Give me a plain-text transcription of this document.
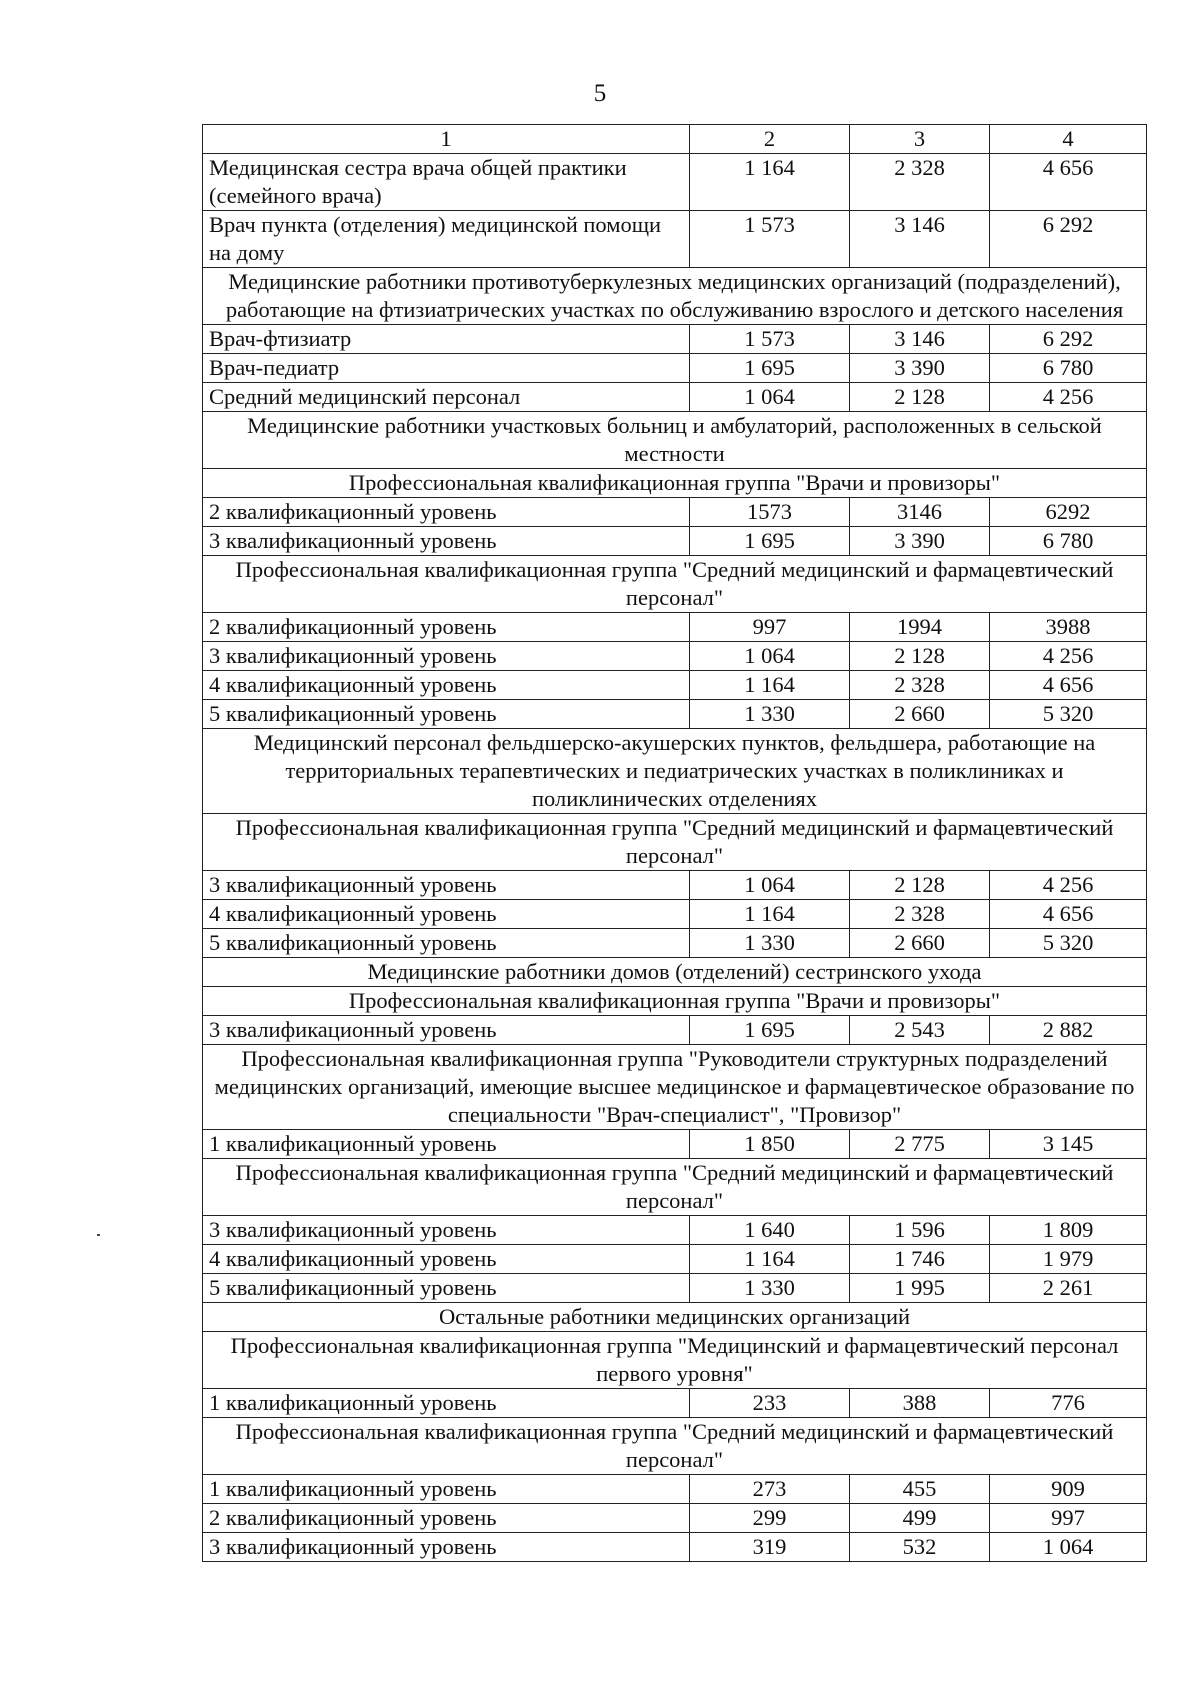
5
1	2	3	4
Медицинская сестра врача общей практики (семейного врача)	1 164	2 328	4 656
Врач пункта (отделения) медицинской помощи на дому	1 573	3 146	6 292
Медицинские работники противотуберкулезных медицинских организаций (подразделений), работающие на фтизиатрических участках по обслуживанию взрослого и детского населения			
Врач-фтизиатр	1 573	3 146	6 292
Врач-педиатр	1 695	3 390	6 780
Средний медицинский персонал	1 064	2 128	4 256
Медицинские работники участковых больниц и амбулаторий, расположенных в сельской местности			
Профессиональная квалификационная группа "Врачи и провизоры"			
2 квалификационный уровень	1573	3146	6292
3 квалификационный уровень	1 695	3 390	6 780
Профессиональная квалификационная группа "Средний медицинский и фармацевтический персонал"			
2 квалификационный уровень	997	1994	3988
3 квалификационный уровень	1 064	2 128	4 256
4 квалификационный уровень	1 164	2 328	4 656
5 квалификационный уровень	1 330	2 660	5 320
Медицинский персонал фельдшерско-акушерских пунктов, фельдшера, работающие на территориальных терапевтических и педиатрических участках в поликлиниках и поликлинических отделениях			
Профессиональная квалификационная группа "Средний медицинский и фармацевтический персонал"			
3 квалификационный уровень	1 064	2 128	4 256
4 квалификационный уровень	1 164	2 328	4 656
5 квалификационный уровень	1 330	2 660	5 320
Медицинские работники домов (отделений) сестринского ухода			
Профессиональная квалификационная группа "Врачи и провизоры"			
3 квалификационный уровень	1 695	2 543	2 882
Профессиональная квалификационная группа "Руководители структурных подразделений медицинских организаций, имеющие высшее медицинское и фармацевтическое образование по специальности "Врач-специалист", "Провизор"			
1 квалификационный уровень	1 850	2 775	3 145
Профессиональная квалификационная группа "Средний медицинский и фармацевтический персонал"			
3 квалификационный уровень	1 640	1 596	1 809
4 квалификационный уровень	1 164	1 746	1 979
5 квалификационный уровень	1 330	1 995	2 261
Остальные работники медицинских организаций			
Профессиональная квалификационная группа "Медицинский и фармацевтический персонал первого уровня"			
1 квалификационный уровень	233	388	776
Профессиональная квалификационная группа "Средний медицинский и фармацевтический персонал"			
1 квалификационный уровень	273	455	909
2 квалификационный уровень	299	499	997
3 квалификационный уровень	319	532	1 064
